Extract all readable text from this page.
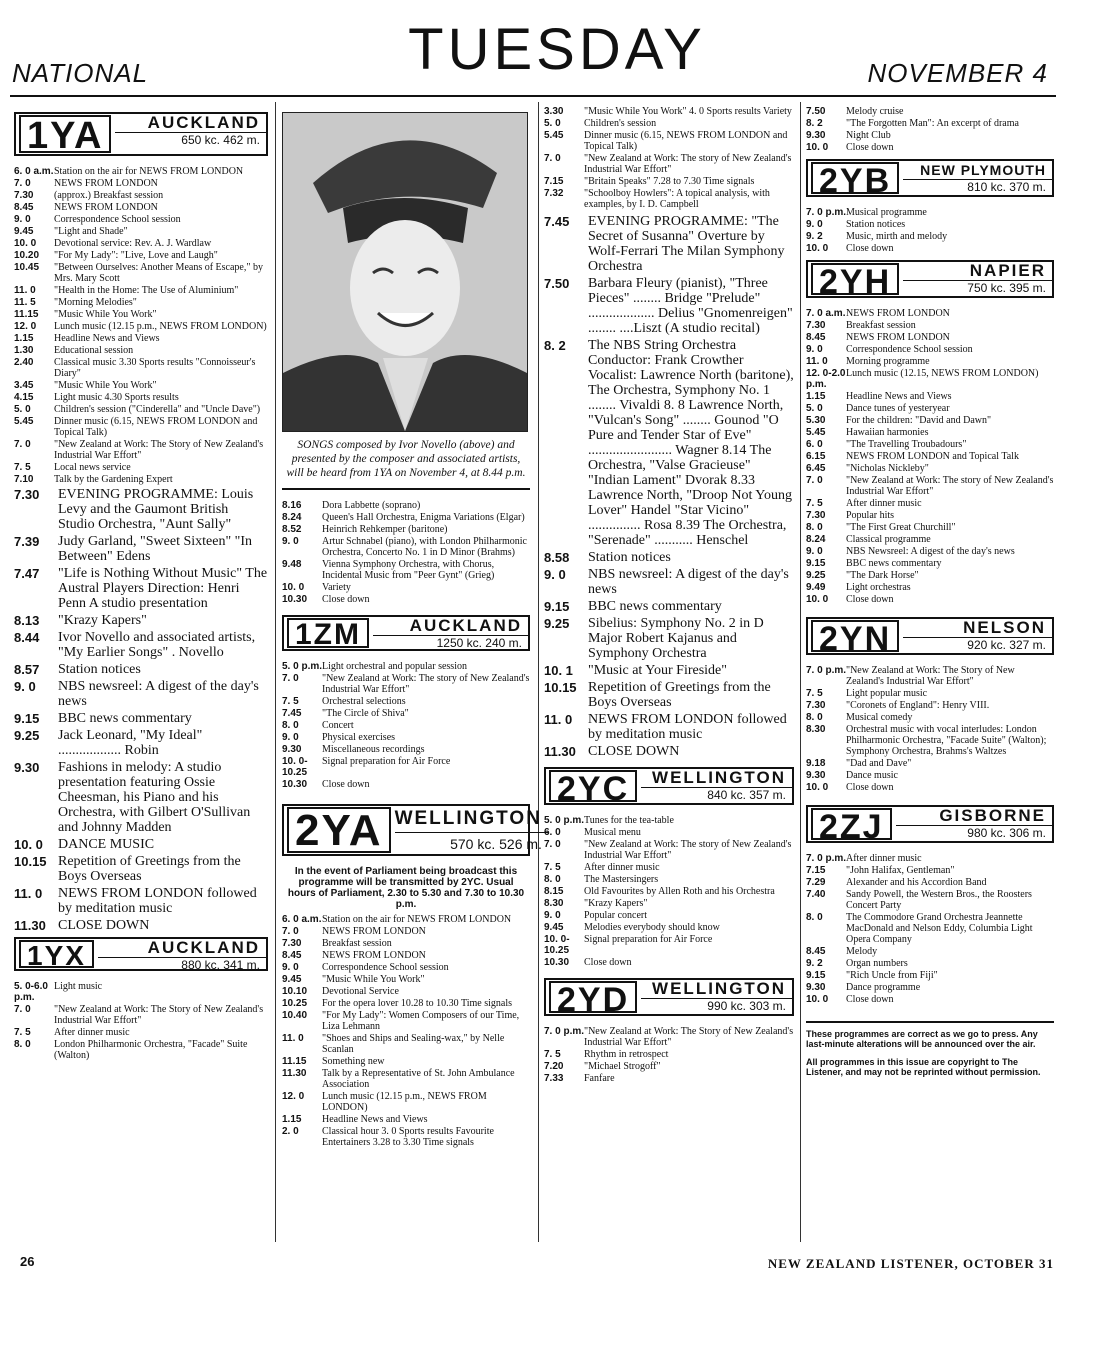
TUESDAY
NATIONAL	NOVEMBER 4
1YA	AUCKLAND
650 kc. 462 m.
6. 0 a.m. Station on the air for NEWS FROM LONDON
7. 0	NEWS FROM LONDON
7.30	(approx.) Breakfast session
8.45	NEWS FROM LONDON
9. 0	Correspondence School session
9.45	"Light and Shade"
10. 0	Devotional service: Rev. A. J. Wardlaw
10.20	"For My Lady": "Live, Love and Laugh"
10.45	"Between Ourselves: Another Means of Escape," by Mrs. Mary Scott
11. 0	"Health in the Home: The Use of Aluminium"
11. 5	"Morning Melodies"
11.15	"Music While You Work"
12. 0	Lunch music (12.15 p.m., NEWS FROM LONDON)
1.15	Headline News and Views
1.30	Educational session
2.40	Classical music 3.30 Sports results "Connoisseur's Diary"
3.45	"Music While You Work"
4.15	Light music 4.30 Sports results
5. 0	Children's session ("Cinderella" and "Uncle Dave")
5.45	Dinner music (6.15, NEWS FROM LONDON and Topical Talk)
7. 0	"New Zealand at Work: The Story of New Zealand's Industrial War Effort"
7. 5	Local news service
7.10	Talk by the Gardening Expert
7.30	EVENING PROGRAMME: Louis Levy and the Gaumont British Studio Orchestra, "Aunt Sally"
7.39	Judy Garland, "Sweet Sixteen" "In Between" Edens
7.47	"Life is Nothing Without Music" The Austral Players Direction: Henri Penn A studio presentation
8.13	"Krazy Kapers"
8.44	Ivor Novello and associated artists, "My Earlier Songs" . Novello
8.57	Station notices
9. 0	NBS newsreel: A digest of the day's news
9.15	BBC news commentary
9.25	Jack Leonard, "My Ideal" .................. Robin
9.30	Fashions in melody: A studio presentation featuring Ossie Cheesman, his Piano and his Orchestra, with Gilbert O'Sullivan and Johnny Madden
10. 0	DANCE MUSIC
10.15 Repetition of Greetings from the Boys Overseas
11. 0	NEWS FROM LONDON followed by meditation music
11.30 CLOSE DOWN
1YX	AUCKLAND
880 kc. 341 m.
5. 0-6.0 p.m.
Light music
7. 0	"New Zealand at Work: The Story of New Zealand's Industrial War Effort"
7. 5	After dinner music
8. 0	London Philharmonic Orchestra, "Facade" Suite (Walton)
SONGS composed by Ivor Novello (above) and presented by the composer and associated artists, will be heard from 1YA on November 4, at 8.44 p.m.
8.16	Dora Labbette (soprano)
8.24	Queen's Hall Orchestra, Enigma Variations (Elgar)
8.52	Heinrich Rehkemper (baritone)
9. 0	Artur Schnabel (piano), with London Philharmonic Orchestra, Concerto No. 1 in D Minor (Brahms)
9.48	Vienna Symphony Orchestra, with Chorus, Incidental Music from "Peer Gynt" (Grieg)
10. 0	Variety
10.30	Close down
1ZM	AUCKLAND
1250 kc. 240 m.
5. 0 p.m. Light orchestral and popular session
7. 0	"New Zealand at Work: The story of New Zealand's Industrial War Effort"
7. 5	Orchestral selections
7.45	"The Circle of Shiva"
8. 0	Concert
9. 0	Physical exercises
9.30	Miscellaneous recordings
10. 0-10.25
Signal preparation for Air Force
10.30	Close down
2YA WELLINGTON
570 kc. 526 m.
In the event of Parliament being broadcast this programme will be transmitted by 2YC. Usual hours of Parliament, 2.30 to 5.30 and 7.30 to 10.30 p.m.
6. 0 a.m. Station on the air for NEWS FROM LONDON
7. 0	NEWS FROM LONDON
7.30	Breakfast session
8.45	NEWS FROM LONDON
9. 0	Correspondence School session
9.45	"Music While You Work"
10.10	Devotional Service
10.25	For the opera lover 10.28 to 10.30 Time signals
10.40	"For My Lady": Women Composers of our Time, Liza Lehmann
11. 0	"Shoes and Ships and Sealing-wax," by Nelle Scanlan
11.15	Something new
11.30	Talk by a Representative of St. John Ambulance Association
12. 0	Lunch music (12.15 p.m., NEWS FROM LONDON)
1.15	Headline News and Views
2. 0	Classical hour 3. 0 Sports results Favourite Entertainers 3.28 to 3.30 Time signals
3.30	"Music While You Work" 4. 0 Sports results Variety
5. 0	Children's session
5.45	Dinner music (6.15, NEWS FROM LONDON and Topical Talk)
7. 0	"New Zealand at Work: The story of New Zealand's Industrial War Effort"
7.15	"Britain Speaks" 7.28 to 7.30 Time signals
7.32	"Schoolboy Howlers": A topical analysis, with examples, by I. D. Campbell
7.45	EVENING PROGRAMME: "The Secret of Susanna" Overture by Wolf-Ferrari The Milan Symphony Orchestra
7.50	Barbara Fleury (pianist), "Three Pieces" ........ Bridge "Prelude" ................... Delius "Gnomenreigen" ........ ....Liszt (A studio recital)
8. 2	The NBS String Orchestra Conductor: Frank Crowther Vocalist: Lawrence North (baritone), The Orchestra, Symphony No. 1 ........ Vivaldi 8. 8 Lawrence North, "Vulcan's Song" ........ Gounod "O Pure and Tender Star of Eve" ........................ Wagner 8.14 The Orchestra, "Valse Gracieuse" "Indian Lament" Dvorak 8.33 Lawrence North, "Droop Not Young Lover" Handel "Star Vicino" ............... Rosa 8.39 The Orchestra, "Serenade" ........... Henschel
8.58	Station notices
9. 0	NBS newsreel: A digest of the day's news
9.15	BBC news commentary
9.25	Sibelius: Symphony No. 2 in D Major Robert Kajanus and Symphony Orchestra
10. 1	"Music at Your Fireside"
10.15 Repetition of Greetings from the Boys Overseas
11. 0	NEWS FROM LONDON followed by meditation music
11.30 CLOSE DOWN
2YC	WELLINGTON
840 kc. 357 m.
5. 0 p.m. Tunes for the tea-table
6. 0	Musical menu
7. 0	"New Zealand at Work: The story of New Zealand's Industrial War Effort"
7. 5	After dinner music
8. 0	The Mastersingers
8.15	Old Favourites by Allen Roth and his Orchestra
8.30	"Krazy Kapers"
9. 0	Popular concert
9.45	Melodies everybody should know
10. 0-10.25
Signal preparation for Air Force
10.30	Close down
2YD	WELLINGTON
990 kc. 303 m.
7. 0 p.m. "New Zealand at Work: The Story of New Zealand's Industrial War Effort"
7. 5	Rhythm in retrospect
7.20	"Michael Strogoff"
7.33	Fanfare
7.50	Melody cruise
8. 2	"The Forgotten Man": An excerpt of drama
9.30	Night Club
10. 0	Close down
2YB	NEW PLYMOUTH
810 kc. 370 m.
7. 0 p.m. Musical programme
9. 0	Station notices
9. 2	Music, mirth and melody
10. 0	Close down
2YH	NAPIER
750 kc. 395 m.
7. 0 a.m. NEWS FROM LONDON
7.30	Breakfast session
8.45	NEWS FROM LONDON
9. 0	Correspondence School session
11. 0	Morning programme
12. 0-2.0 p.m.
Lunch music (12.15, NEWS FROM LONDON)
1.15	Headline News and Views
5. 0	Dance tunes of yesteryear
5.30	For the children: "David and Dawn"
5.45	Hawaiian harmonies
6. 0	"The Travelling Troubadours"
6.15	NEWS FROM LONDON and Topical Talk
6.45	"Nicholas Nickleby"
7. 0	"New Zealand at Work: The story of New Zealand's Industrial War Effort"
7. 5	After dinner music
7.30	Popular hits
8. 0	"The First Great Churchill"
8.24	Classical programme
9. 0	NBS Newsreel: A digest of the day's news
9.15	BBC news commentary
9.25	"The Dark Horse"
9.49	Light orchestras
10. 0	Close down
2YN	NELSON
920 kc. 327 m.
7. 0 p.m. "New Zealand at Work: The Story of New Zealand's Industrial War Effort"
7. 5	Light popular music
7.30	"Coronets of England": Henry VIII.
8. 0	Musical comedy
8.30	Orchestral music with vocal interludes: London Philharmonic Orchestra, "Facade Suite" (Walton); Symphony Orchestra, Brahms's Waltzes
9.18	"Dad and Dave"
9.30	Dance music
10. 0	Close down
2ZJ	GISBORNE
980 kc. 306 m.
7. 0 p.m. After dinner music
7.15	"John Halifax, Gentleman"
7.29	Alexander and his Accordion Band
7.40	Sandy Powell, the Western Bros., the Roosters Concert Party
8. 0	The Commodore Grand Orchestra Jeannette MacDonald and Nelson Eddy, Columbia Light Opera Company
8.45	Melody
9. 2	Organ numbers
9.15	"Rich Uncle from Fiji"
9.30	Dance programme
10. 0	Close down
These programmes are correct as we go to press. Any last-minute alterations will be announced over the air.
All programmes in this issue are copyright to The Listener, and may not be reprinted without permission.
26	NEW ZEALAND LISTENER, OCTOBER 31
